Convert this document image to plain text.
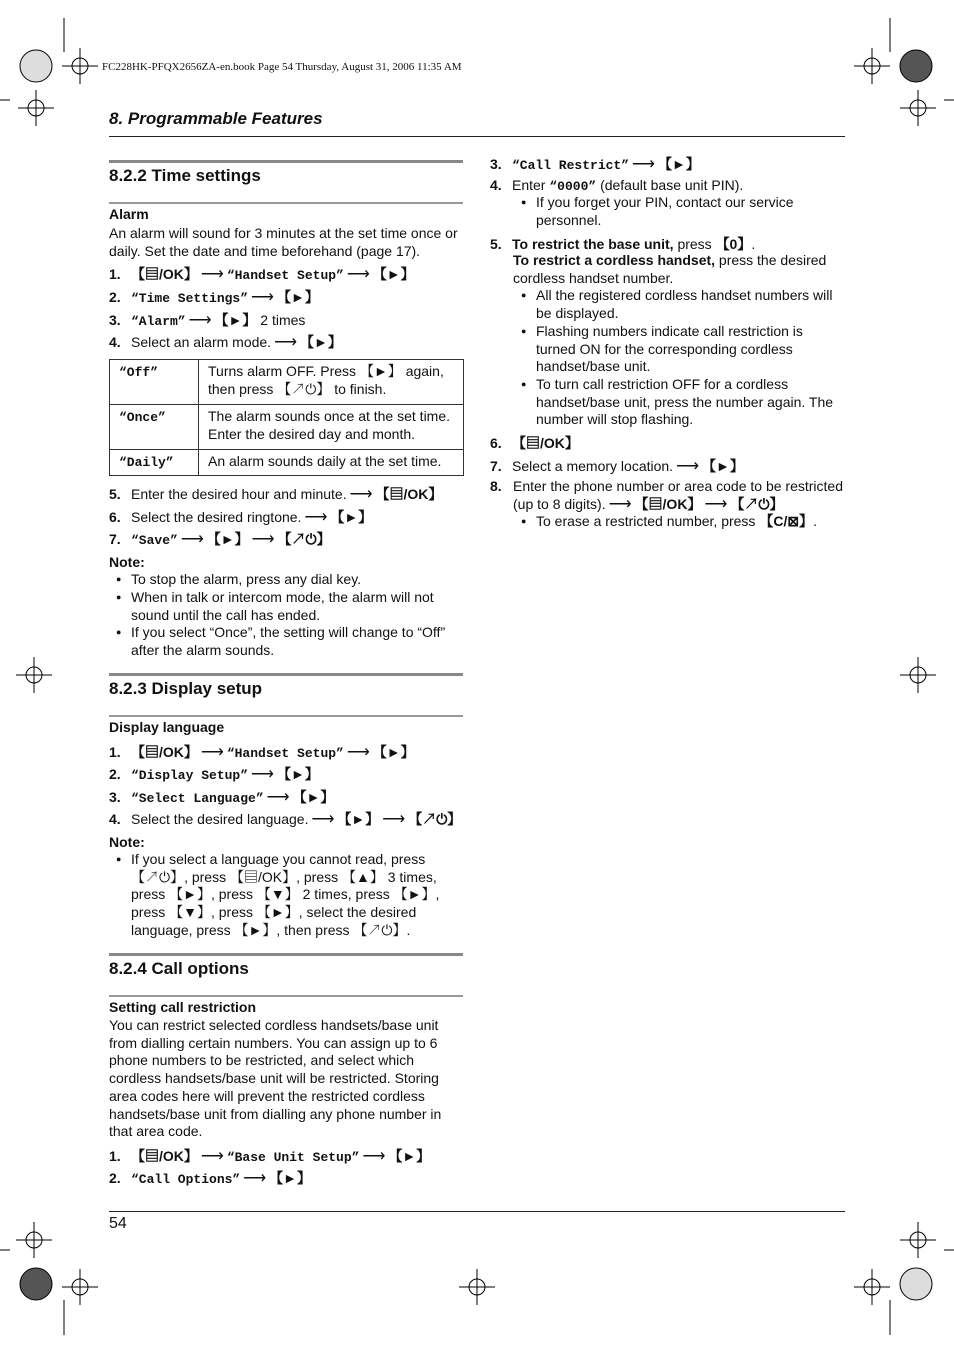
FC228HK-PFQX2656ZA-en.book Page 54 Thursday, August 31, 2006 11:35 AM
8. Programmable Features
8.2.2 Time settings
Alarm
An alarm will sound for 3 minutes at the set time once or daily. Set the date and time beforehand (page 17).
1. 【▤/OK】 ⟶ “Handset Setup” ⟶ 【►】
2. “Time Settings” ⟶ 【►】
3. “Alarm” ⟶ 【►】 2 times
4. Select an alarm mode. ⟶ 【►】
“Off”	Turns alarm OFF. Press 【►】 again, then press 【↗⏻】 to finish.
“Once”	The alarm sounds once at the set time. Enter the desired day and month.
“Daily”	An alarm sounds daily at the set time.
5. Enter the desired hour and minute. ⟶ 【▤/OK】
6. Select the desired ringtone. ⟶ 【►】
7. “Save” ⟶ 【►】 ⟶ 【↗⏻】
Note:
● To stop the alarm, press any dial key.
● When in talk or intercom mode, the alarm will not sound until the call has ended.
● If you select “Once”, the setting will change to “Off” after the alarm sounds.
8.2.3 Display setup
Display language
1. 【▤/OK】 ⟶ “Handset Setup” ⟶ 【►】
2. “Display Setup” ⟶ 【►】
3. “Select Language” ⟶ 【►】
4. Select the desired language. ⟶ 【►】 ⟶ 【↗⏻】
Note:
● If you select a language you cannot read, press 【↗⏻】, press 【▤/OK】, press 【▲】 3 times, press 【►】, press 【▼】 2 times, press 【►】, press 【▼】, press 【►】, select the desired language, press 【►】, then press 【↗⏻】.
8.2.4 Call options
Setting call restriction
You can restrict selected cordless handsets/base unit from dialling certain numbers. You can assign up to 6 phone numbers to be restricted, and select which cordless handsets/base unit will be restricted. Storing area codes here will prevent the restricted cordless handsets/base unit from dialling any phone number in that area code.
1. 【▤/OK】 ⟶ “Base Unit Setup” ⟶ 【►】
2. “Call Options” ⟶ 【►】
3. “Call Restrict” ⟶ 【►】
4. Enter “0000” (default base unit PIN).
● If you forget your PIN, contact our service personnel.
5. To restrict the base unit, press 【0】.
To restrict a cordless handset, press the desired cordless handset number.
● All the registered cordless handset numbers will be displayed.
● Flashing numbers indicate call restriction is turned ON for the corresponding cordless handset/base unit.
● To turn call restriction OFF for a cordless handset/base unit, press the number again. The number will stop flashing.
6. 【▤/OK】
7. Select a memory location. ⟶ 【►】
8. Enter the phone number or area code to be restricted (up to 8 digits). ⟶ 【▤/OK】 ⟶ 【↗⏻】
● To erase a restricted number, press 【C/⊠】.
54
